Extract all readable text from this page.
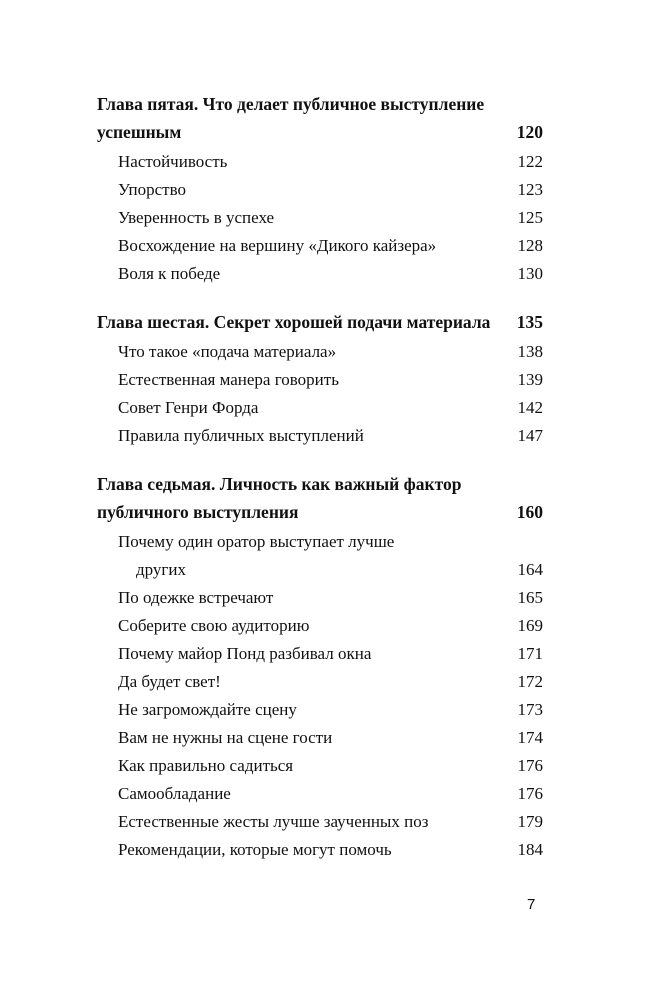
Глава пятая. Что делает публичное выступление
успешным . . .	120
Настойчивость . . .	122
Упорство . . .	123
Уверенность в успехе . . .	125
Восхождение на вершину «Дикого кайзера» . . .	128
Воля к победе . . .	130
Глава шестая. Секрет хорошей подачи материала . . . 135
Что такое «подача материала» . . .	138
Естественная манера говорить . . .	139
Совет Генри Форда . . .	142
Правила публичных выступлений . . .	147
Глава седьмая. Личность как важный фактор
публичного выступления . . .	160
Почему один оратор выступает лучше
других . . .	164
По одежке встречают . . .	165
Соберите свою аудиторию . . .	169
Почему майор Понд разбивал окна . . .	171
Да будет свет! . . .	172
Не загромождайте сцену . . .	173
Вам не нужны на сцене гости . . .	174
Как правильно садиться . . .	176
Самообладание . . .	176
Естественные жесты лучше заученных поз . . .	179
Рекомендации, которые могут помочь . . .	184
7
